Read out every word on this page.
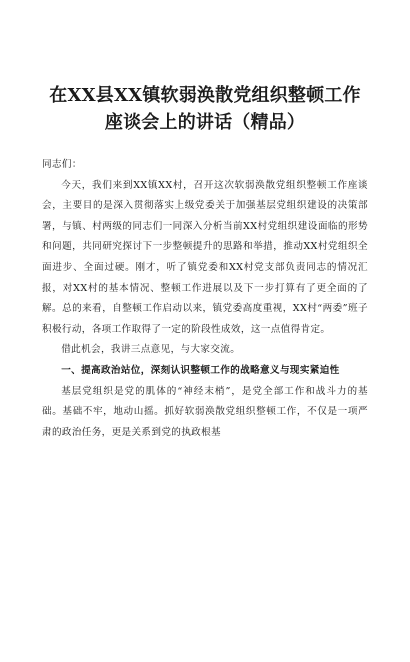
在XX县XX镇软弱涣散党组织整顿工作座谈会上的讲话（精品）

同志们：

今天，我们来到XX镇XX村，召开这次软弱涣散党组织整顿工作座谈会，主要目的是深入贯彻落实上级党委关于加强基层党组织建设的决策部署，与镇、村两级的同志们一同深入分析当前XX村党组织建设面临的形势和问题，共同研究探讨下一步整顿提升的思路和举措，推动XX村党组织全面进步、全面过硬。刚才，听了镇党委和XX村党支部负责同志的情况汇报，对XX村的基本情况、整顿工作进展以及下一步打算有了更全面的了解。总的来看，自整顿工作启动以来，镇党委高度重视，XX村“两委”班子积极行动，各项工作取得了一定的阶段性成效，这一点值得肯定。

借此机会，我讲三点意见，与大家交流。

一、提高政治站位，深刻认识整顿工作的战略意义与现实紧迫性

基层党组织是党的肌体的“神经末梢”，是党全部工作和战斗力的基础。基础不牢，地动山摇。抓好软弱涣散党组织整顿工作，不仅是一项严肃的政治任务，更是关系到党的执政根基
